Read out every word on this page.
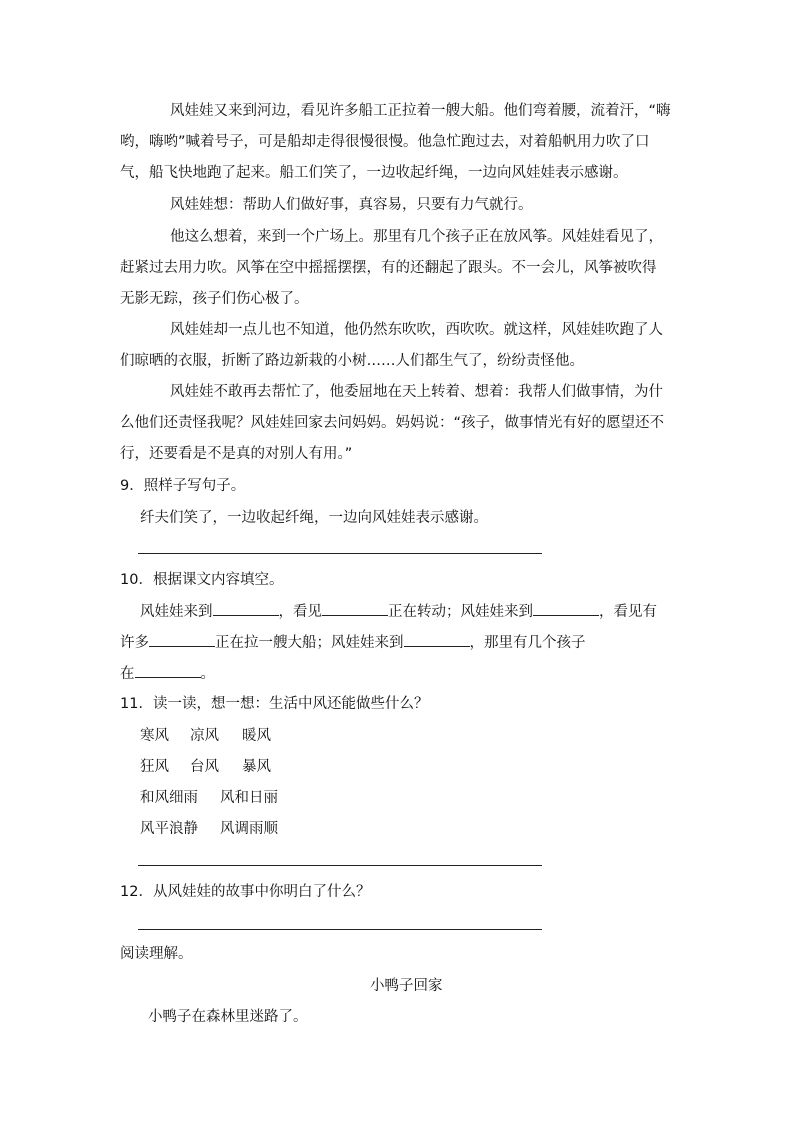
风娃娃又来到河边，看见许多船工正拉着一艘大船。他们弯着腰，流着汗，“嗨
哟，嗨哟”喊着号子，可是船却走得很慢很慢。他急忙跑过去，对着船帆用力吹了口
气，船飞快地跑了起来。船工们笑了，一边收起纤绳，一边向风娃娃表示感谢。
风娃娃想：帮助人们做好事，真容易，只要有力气就行。
他这么想着，来到一个广场上。那里有几个孩子正在放风筝。风娃娃看见了，
赶紧过去用力吹。风筝在空中摇摇摆摆，有的还翻起了跟头。不一会儿，风筝被吹得
无影无踪，孩子们伤心极了。
风娃娃却一点儿也不知道，他仍然东吹吹，西吹吹。就这样，风娃娃吹跑了人
们晾晒的衣服，折断了路边新栽的小树……人们都生气了，纷纷责怪他。
风娃娃不敢再去帮忙了，他委屈地在天上转着、想着：我帮人们做事情，为什
么他们还责怪我呢？风娃娃回家去问妈妈。妈妈说：“孩子，做事情光有好的愿望还不
行，还要看是不是真的对别人有用。”
9．照样子写句子。
纤夫们笑了，一边收起纤绳，一边向风娃娃表示感谢。
10．根据课文内容填空。
风娃娃来到	，看见	正在转动；风娃娃来到	，看见有
许多	正在拉一艘大船；风娃娃来到	，那里有几个孩子
在	。
11．读一读，想一想：生活中风还能做些什么？
寒风 凉风 暖风
狂风 台风 暴风
和风细雨 风和日丽
风平浪静 风调雨顺
12．从风娃娃的故事中你明白了什么？
阅读理解。
小鸭子回家
小鸭子在森林里迷路了。
